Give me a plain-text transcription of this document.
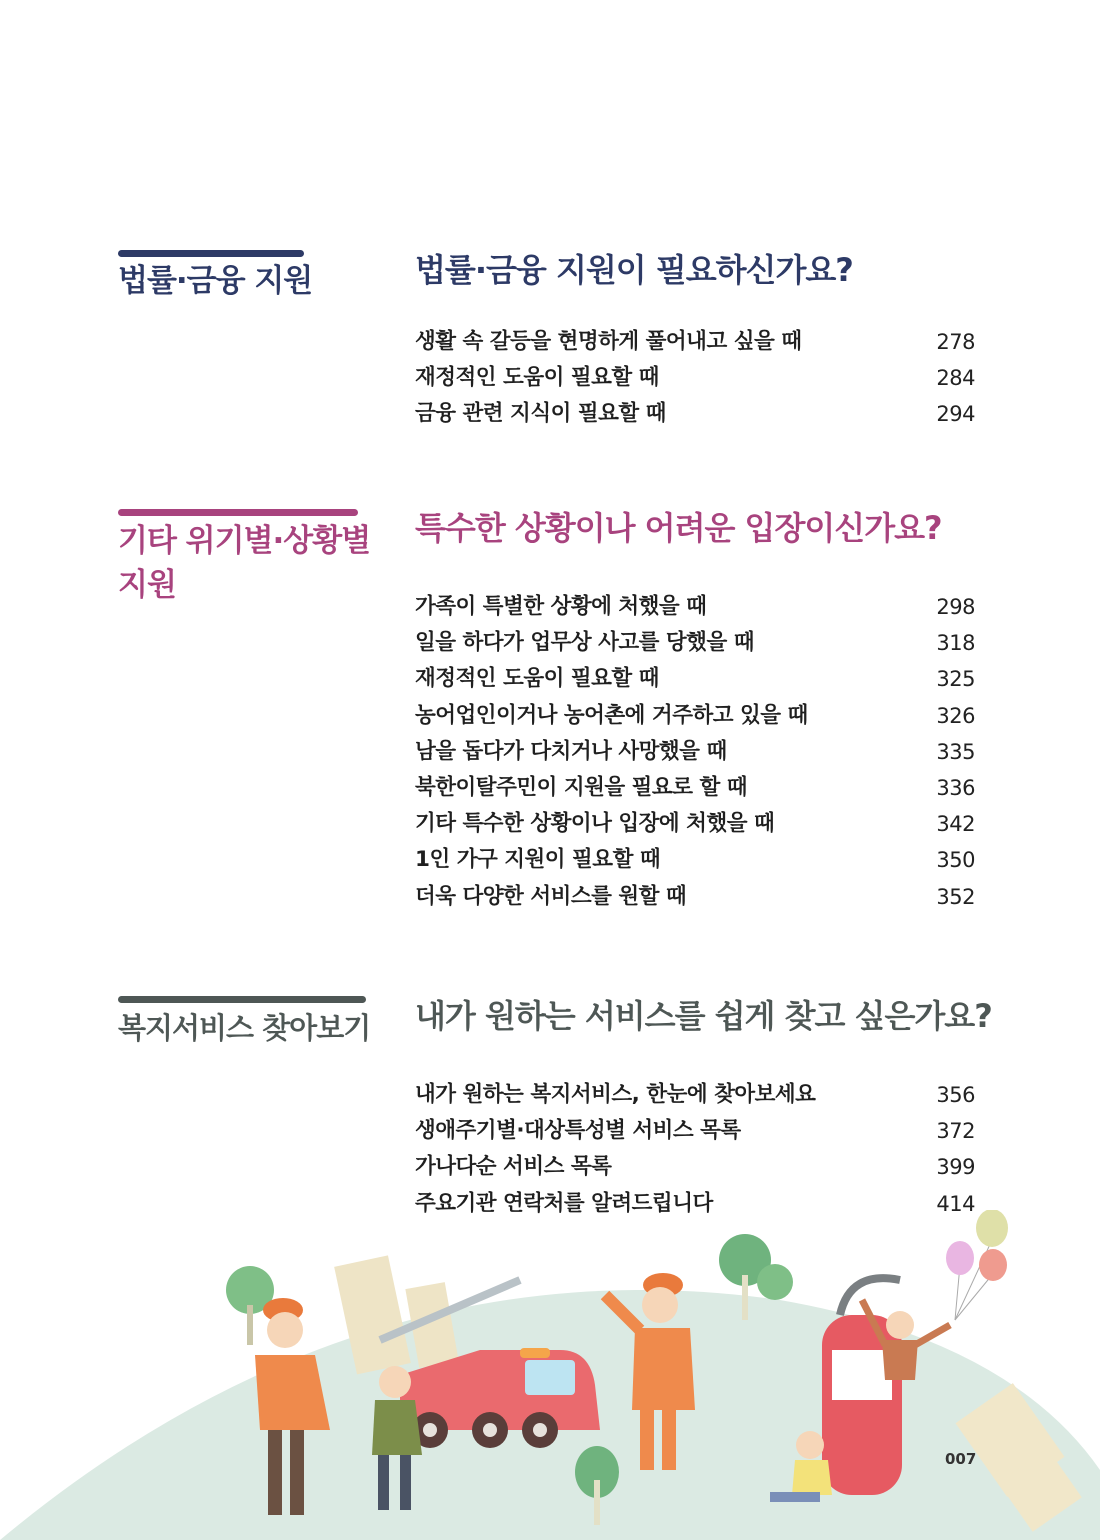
법률·금융 지원	법률·금융 지원이 필요하신가요?
생활 속 갈등을 현명하게 풀어내고 싶을 때	278
재정적인 도움이 필요할 때	284
금융 관련 지식이 필요할 때	294
기타 위기별·상황별
지원
특수한 상황이나 어려운 입장이신가요?
가족이 특별한 상황에 처했을 때	298
일을 하다가 업무상 사고를 당했을 때	318
재정적인 도움이 필요할 때	325
농어업인이거나 농어촌에 거주하고 있을 때	326
남을 돕다가 다치거나 사망했을 때	335
북한이탈주민이 지원을 필요로 할 때	336
기타 특수한 상황이나 입장에 처했을 때	342
1인 가구 지원이 필요할 때	350
더욱 다양한 서비스를 원할 때	352
복지서비스 찾아보기 내가 원하는 서비스를 쉽게 찾고 싶은가요?
내가 원하는 복지서비스, 한눈에 찾아보세요	356
생애주기별·대상특성별 서비스 목록	372
가나다순 서비스 목록	399
주요기관 연락처를 알려드립니다	414
007
